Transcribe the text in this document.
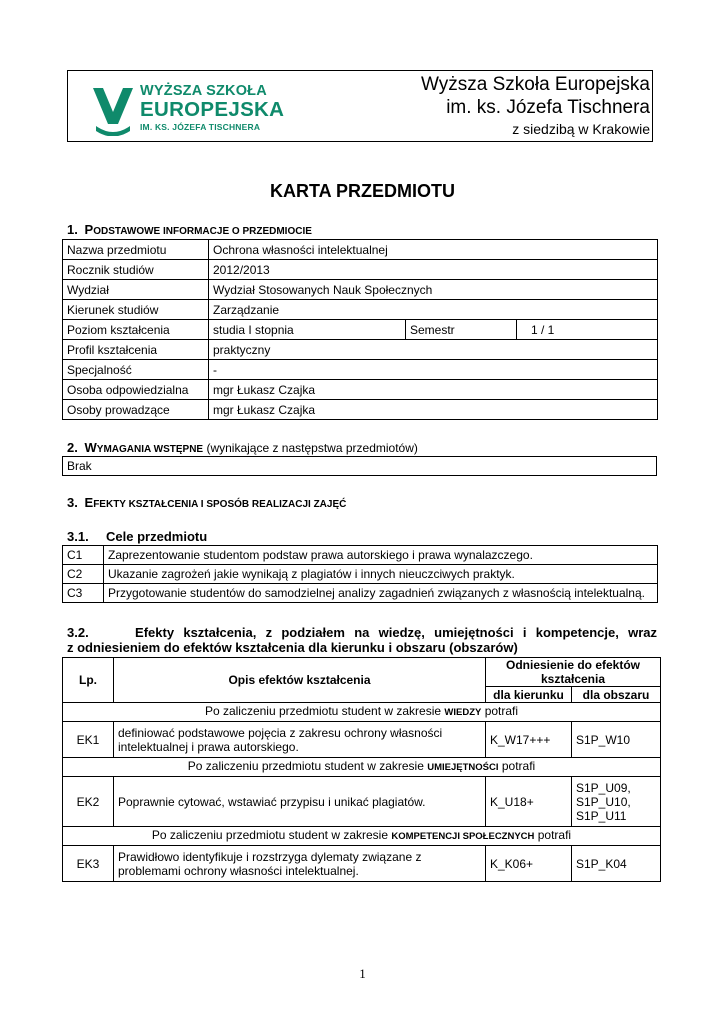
WYŻSZA SZKOŁA
EUROPEJSKA
IM. KS. JÓZEFA TISCHNERA
Wyższa Szkoła Europejska
im. ks. Józefa Tischnera
z siedzibą w Krakowie
KARTA PRZEDMIOTU
1. PODSTAWOWE INFORMACJE O PRZEDMIOCIE
Nazwa przedmiotu	Ochrona własności intelektualnej		
Rocznik studiów	2012/2013		
Wydział	Wydział Stosowanych Nauk Społecznych		
Kierunek studiów	Zarządzanie		
Poziom kształcenia	studia I stopnia	Semestr	1 / 1
Profil kształcenia	praktyczny		
Specjalność	-		
Osoba odpowiedzialna	mgr Łukasz Czajka		
Osoby prowadzące	mgr Łukasz Czajka		
2. WYMAGANIA WSTĘPNE (wynikające z następstwa przedmiotów)
Brak
3. EFEKTY KSZTAŁCENIA I SPOSÓB REALIZACJI ZAJĘĆ
3.1. Cele przedmiotu
C1	Zaprezentowanie studentom podstaw prawa autorskiego i prawa wynalazczego.
C2	Ukazanie zagrożeń jakie wynikają z plagiatów i innych nieuczciwych praktyk.
C3	Przygotowanie studentów do samodzielnej analizy zagadnień związanych z własnością intelektualną.
3.2.	Efekty kształcenia, z podziałem na wiedzę, umiejętności i kompetencje, wraz
z odniesieniem do efektów kształcenia dla kierunku i obszaru (obszarów)
Lp.	Opis efektów kształcenia	Odniesienie do efektów kształcenia	
		dla kierunku	dla obszaru
Po zaliczeniu przedmiotu student w zakresie WIEDZY potrafi			
EK1	definiować podstawowe pojęcia z zakresu ochrony własności intelektualnej i prawa autorskiego.	K_W17+++	S1P_W10
Po zaliczeniu przedmiotu student w zakresie UMIEJĘTNOŚCI potrafi			
EK2	Poprawnie cytować, wstawiać przypisu i unikać plagiatów.	K_U18+	S1P_U09, S1P_U10, S1P_U11
Po zaliczeniu przedmiotu student w zakresie KOMPETENCJI SPOŁECZNYCH potrafi			
EK3	Prawidłowo identyfikuje i rozstrzyga dylematy związane z problemami ochrony własności intelektualnej.	K_K06+	S1P_K04
1
